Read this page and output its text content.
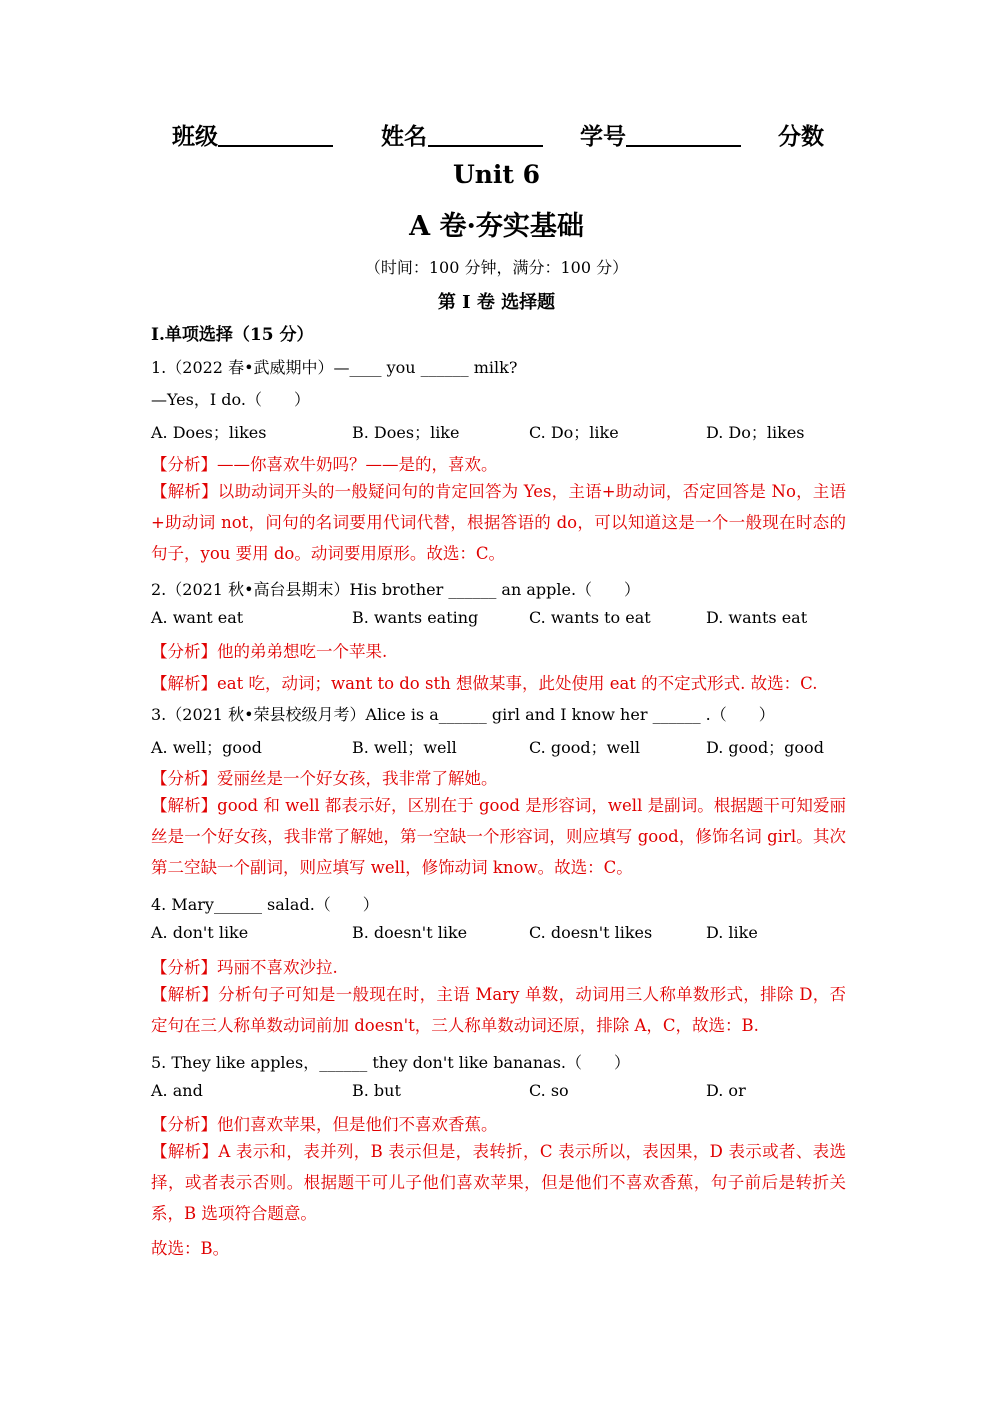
班级	姓名	学号	分数
Unit 6
A 卷·夯实基础
（时间：100 分钟，满分：100 分）
第 I 卷 选择题
I.单项选择（15 分）
1.（2022 春•武威期中）—____ you ______ milk?
—Yes，I do.（　　）
A. Does；likes	B. Does；like	C. Do；like	D. Do；likes
【分析】——你喜欢牛奶吗？——是的，喜欢。
【解析】以助动词开头的一般疑问句的肯定回答为 Yes，主语+助动词，否定回答是 No，主语+助动词 not，问句的名词要用代词代替，根据答语的 do，可以知道这是一个一般现在时态的句子，you 要用 do。动词要用原形。故选：C。
2.（2021 秋•高台县期末）His brother ______ an apple.（　　）
A. want eat	B. wants eating	C. wants to eat	D. wants eat
【分析】他的弟弟想吃一个苹果.
【解析】eat 吃，动词；want to do sth 想做某事，此处使用 eat 的不定式形式. 故选：C.
3.（2021 秋•荣县校级月考）Alice is a______ girl and I know her ______ .（　　）
A. well；good	B. well；well	C. good；well	D. good；good
【分析】爱丽丝是一个好女孩，我非常了解她。
【解析】good 和 well 都表示好，区别在于 good 是形容词，well 是副词。根据题干可知爱丽丝是一个好女孩，我非常了解她，第一空缺一个形容词，则应填写 good，修饰名词 girl。其次第二空缺一个副词，则应填写 well，修饰动词 know。故选：C。
4. Mary______ salad.（　　）
A. don't like	B. doesn't like	C. doesn't likes	D. like
【分析】玛丽不喜欢沙拉.
【解析】分析句子可知是一般现在时，主语 Mary 单数，动词用三人称单数形式，排除 D，否定句在三人称单数动词前加 doesn't，三人称单数动词还原，排除 A，C，故选：B.
5. They like apples，______ they don't like bananas.（　　）
A. and	B. but	C. so	D. or
【分析】他们喜欢苹果，但是他们不喜欢香蕉。
【解析】A 表示和，表并列，B 表示但是，表转折，C 表示所以，表因果，D 表示或者、表选择，或者表示否则。根据题干可儿子他们喜欢苹果，但是他们不喜欢香蕉，句子前后是转折关系，B 选项符合题意。
故选：B。
